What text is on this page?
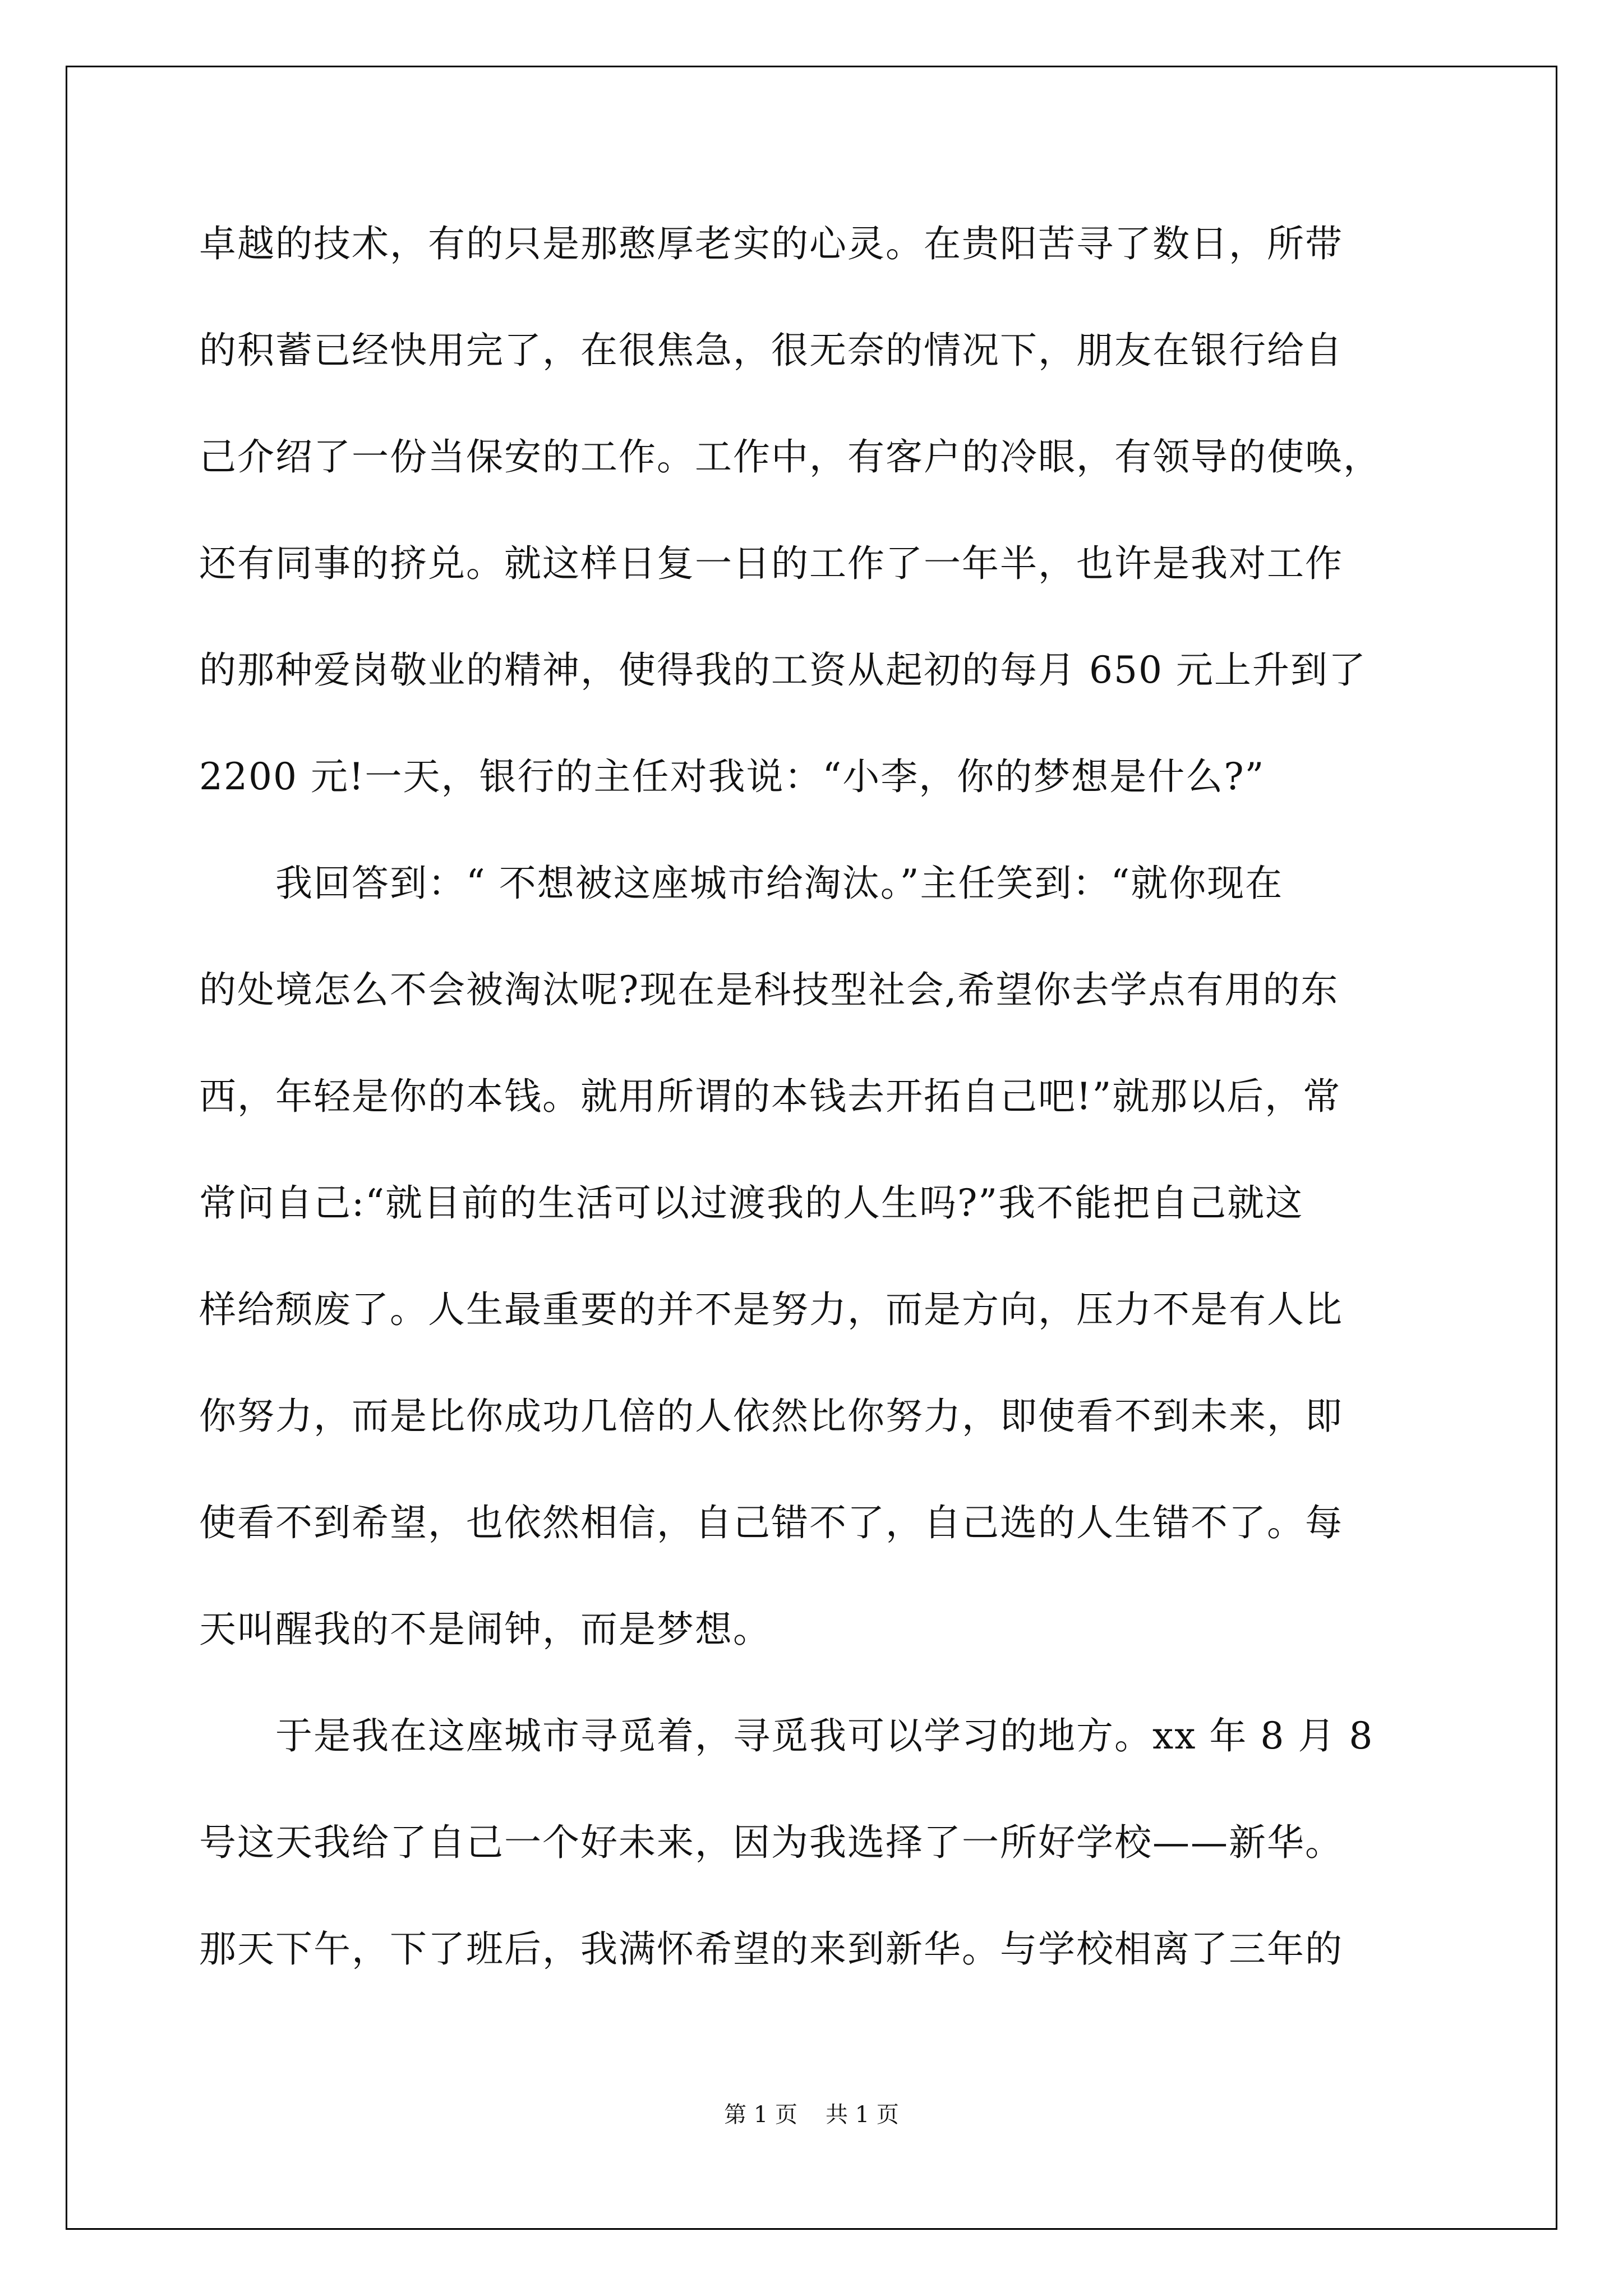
卓越的技术，有的只是那憨厚老实的心灵。在贵阳苦寻了数日，所带
的积蓄已经快用完了，在很焦急，很无奈的情况下，朋友在银行给自
己介绍了一份当保安的工作。工作中，有客户的冷眼，有领导的使唤，
还有同事的挤兑。就这样日复一日的工作了一年半，也许是我对工作
的那种爱岗敬业的精神，使得我的工资从起初的每月 650 元上升到了
2200 元!一天，银行的主任对我说：“小李，你的梦想是什么?”
　　我回答到：“ 不想被这座城市给淘汰。”主任笑到：“就你现在
的处境怎么不会被淘汰呢?现在是科技型社会,希望你去学点有用的东
西，年轻是你的本钱。就用所谓的本钱去开拓自己吧!”就那以后，常
常问自己:“就目前的生活可以过渡我的人生吗?”我不能把自己就这
样给颓废了。人生最重要的并不是努力，而是方向，压力不是有人比
你努力，而是比你成功几倍的人依然比你努力，即使看不到未来，即
使看不到希望，也依然相信，自己错不了，自己选的人生错不了。每
天叫醒我的不是闹钟，而是梦想。
　　于是我在这座城市寻觅着，寻觅我可以学习的地方。xx 年 8 月 8
号这天我给了自己一个好未来，因为我选择了一所好学校——新华。
那天下午，下了班后，我满怀希望的来到新华。与学校相离了三年的
第 1 页 共 1 页
